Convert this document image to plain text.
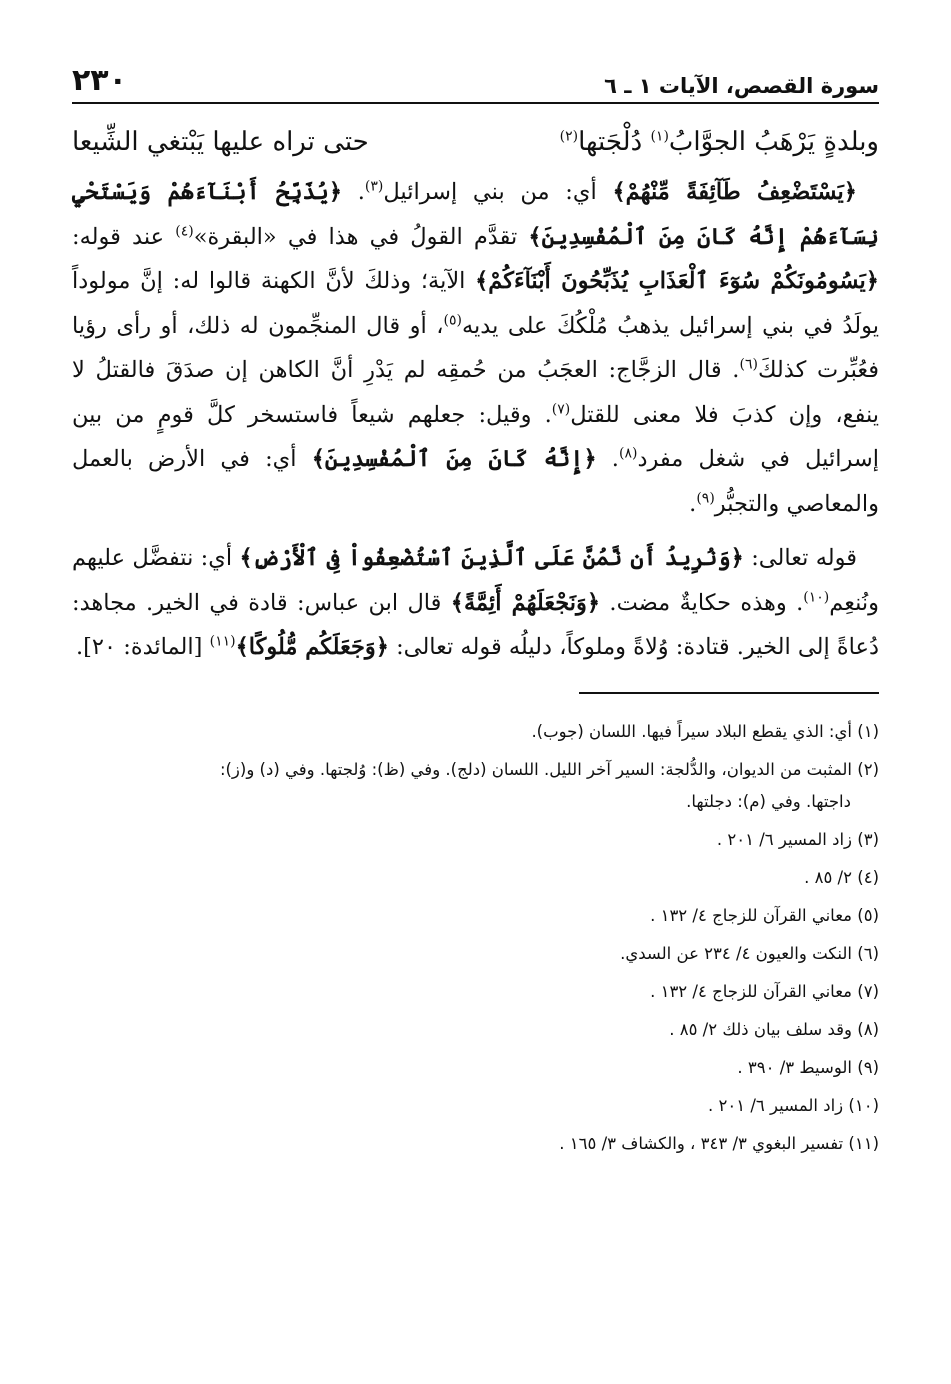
سورة القصص، الآيات ١ ـ ٦
٢٣٠
وبلدةٍ يَرْهَبُ الجوَّابُ$^{(١)}$ دُلْجَتها$^{(٢)}$
حتى تراه عليها يَبْتغي الشِّيعا

﴿يَسْتَضْعِفُ طَآئِفَةً مِّنْهُمْ﴾ أي: من بني إسرائيل$^{(٣)}$. ﴿يُذَبِّحُ أَبْنَآءَهُمْ وَيَسْتَحْيِ نِسَآءَهُمْ إِنَّهُ كَانَ مِنَ ٱلْمُفْسِدِينَ﴾ تقدَّم القولُ في هذا في «البقرة»$^{(٤)}$ عند قوله: ﴿يَسُومُونَكُمْ سُوٓءَ ٱلْعَذَابِ يُذَبِّحُونَ أَبْنَآءَكُمْ﴾ الآية؛ وذلكَ لأنَّ الكهنة قالوا له: إنَّ مولوداً يولَدُ في بني إسرائيل يذهبُ مُلْكُكَ على يديه$^{(٥)}$، أو قال المنجِّمون له ذلك، أو رأى رؤيا فعُبِّرت كذلكَ$^{(٦)}$. قال الزجَّاج: العجَبُ من حُمقِه لم يَدْرِ أنَّ الكاهن إن صدَقَ فالقتلُ لا ينفع، وإن كذبَ فلا معنى للقتل$^{(٧)}$. وقيل: جعلهم شيعاً فاستسخر كلَّ قومٍ من بين إسرائيل في شغل مفرد$^{(٨)}$. ﴿إِنَّهُ كَانَ مِنَ ٱلْمُفْسِدِينَ﴾ أي: في الأرض بالعمل والمعاصي والتجبُّر$^{(٩)}$.

قوله تعالى: ﴿وَنُرِيدُ أَن نَّمُنَّ عَلَى ٱلَّذِينَ ٱسْتُضْعِفُواْ فِى ٱلْأَرْضِ﴾ أي: نتفضَّل عليهم ونُنعِم$^{(١٠)}$. وهذه حكايةٌ مضت. ﴿وَنَجْعَلَهُمْ أَئِمَّةً﴾ قال ابن عباس: قادة في الخير. مجاهد: دُعاةً إلى الخير. قتادة: وُلاةً وملوكاً، دليلُه قوله تعالى: ﴿وَجَعَلَكُم مُّلُوكًا﴾$^{(١١)}$ [المائدة: ٢٠].

(١) أي: الذي يقطع البلاد سيراً فيها. اللسان (جوب).
(٢) المثبت من الديوان، والدُّلجة: السير آخر الليل. اللسان (دلج). وفي (ظ): وُلجتها. وفي (د) و(ز):
داجتها. وفي (م): دجلتها.
(٣) زاد المسير ٦/ ٢٠١ .
(٤) ٢/ ٨٥ .
(٥) معاني القرآن للزجاج ٤/ ١٣٢ .
(٦) النكت والعيون ٤/ ٢٣٤ عن السدي.
(٧) معاني القرآن للزجاج ٤/ ١٣٢ .
(٨) وقد سلف بيان ذلك ٢/ ٨٥ .
(٩) الوسيط ٣/ ٣٩٠ .
(١٠) زاد المسير ٦/ ٢٠١ .
(١١) تفسير البغوي ٣/ ٣٤٣ ، والكشاف ٣/ ١٦٥ .
